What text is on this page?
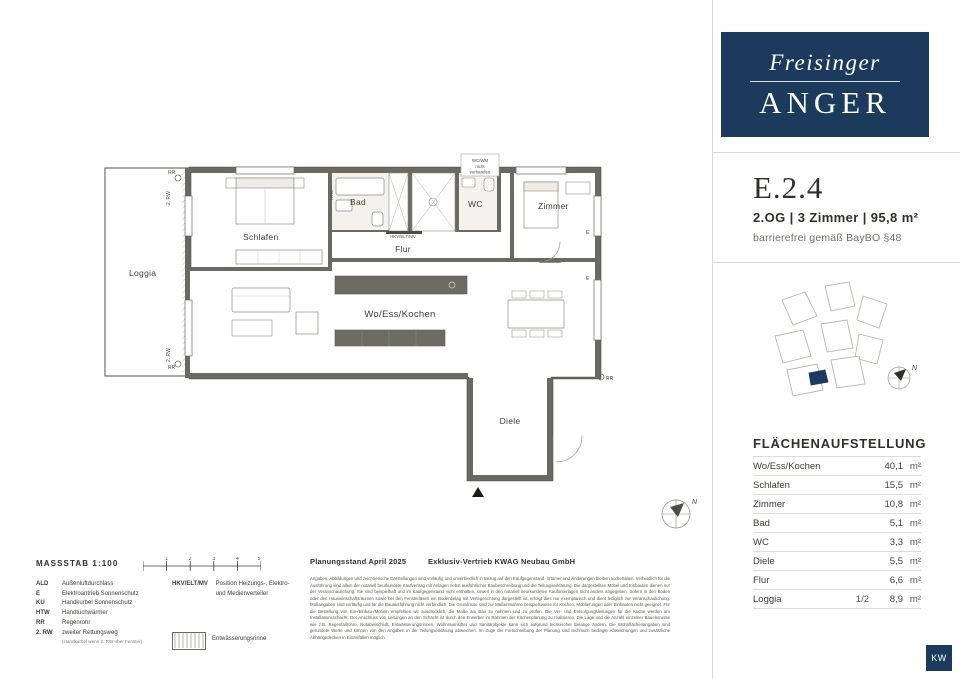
Loggia
Schlafen
Bad
HTW
WC
WC/WM
nicht
vorhanden
Zimmer
Flur
HKV/ELT/MV
Wo/Ess/Kochen
Diele
RR
2. RW
RR
2. RW
E
E
RR
N
MASSSTAB 1:100	1	2	3	4	5
ALD Außenluftdurchlass
E	Elektroantrieb Sonnenschutz
KU	Handkurbel Sonnenschutz
HTW Handtuchwärmer
RR	Regenrohr
2. RW zweiter Rettungsweg
(Handkurbel wenn 2. RW über Fenster)
HKV/ELT/MV Position Heizungs-, Elektro- und Medienverteiler
Entwässerungsrinne
Planungsstand April 2025	Exklusiv-Vertrieb KWAG Neubau GmbH
Angaben, Abbildungen und zeichnerische Darstellungen sind vorläufig und unverbindlich in Bezug auf den Kaufgegenstand. Irrtümer und Änderungen bleiben vorbehalten. Verbindlich für die Ausführung sind allein der notariell beurkundete Kaufvertrag mit Anlagen nebst ausführlicher Baubeschreibung und die Teilungserklärung. Die dargestellten Möbel und Einbauten dienen nur der Veranschaulichung. Sie sind beispielhaft und im Kaufgegenstand nicht enthalten, soweit in den notariell beurkundeten Kaufunterlagen nicht anders angegeben. Sofern in den Böden oder den Hauswirtschaftsräumen sowie bei den Fensterläsen ein Bodenbelag mit Verlegerichtung dargestellt ist, erfolgt dies nur exemplarisch und dient lediglich zur Veranschaulichung. Maßangaben sind vorläufig und für die Bauausführung nicht verbindlich. Die Grundrisse sind zur Maßentnahme beispielsweise für Küchen, Möblierungen oder Einbauten nicht geeignet. Für die Bestellung von Ein-/Einbau-/Möbeln empfehlen wir ausdrücklich, die Maße am Bau zu nehmen und zu prüfen. Die Ver- und Entsorgungsleitungen für die Küche werden am Installationsschacht. Der Anschluss von Leitungen an den Schacht ist durch den Erwerber im Rahmen der Küchenplanung zu realisieren. Die Lage und die Anzahl einzelner Bauelemente wie z.B. Regenfallrohre, Notabwischluft, Entwässerungsrinnen, Wohnraumlüfter und Sanitärobjekte kann sich aufgrund technischer Belange ändern. Die Wohnflächenangaben sind gerundete Werte und können von den Angaben in der Teilungserklärung abweichen. Im Zuge der Fortschreibung der Planung sind technisch bedingte Abweichungen und zusätzliche Abhängedecken in Einzelfällen möglich.
Freisinger
ANGER
E.2.4
2.OG | 3 Zimmer | 95,8 m²
barrierefrei gemäß BayBO §48
N
FLÄCHENAUFSTELLUNG
Wo/Ess/Kochen		40,1	m²
Schlafen		15,5	m²
Zimmer		10,8	m²
Bad		5,1	m²
WC		3,3	m²
Diele		5,5	m²
Flur		6,6	m²
Loggia	1/2	8,9	m²
KW
